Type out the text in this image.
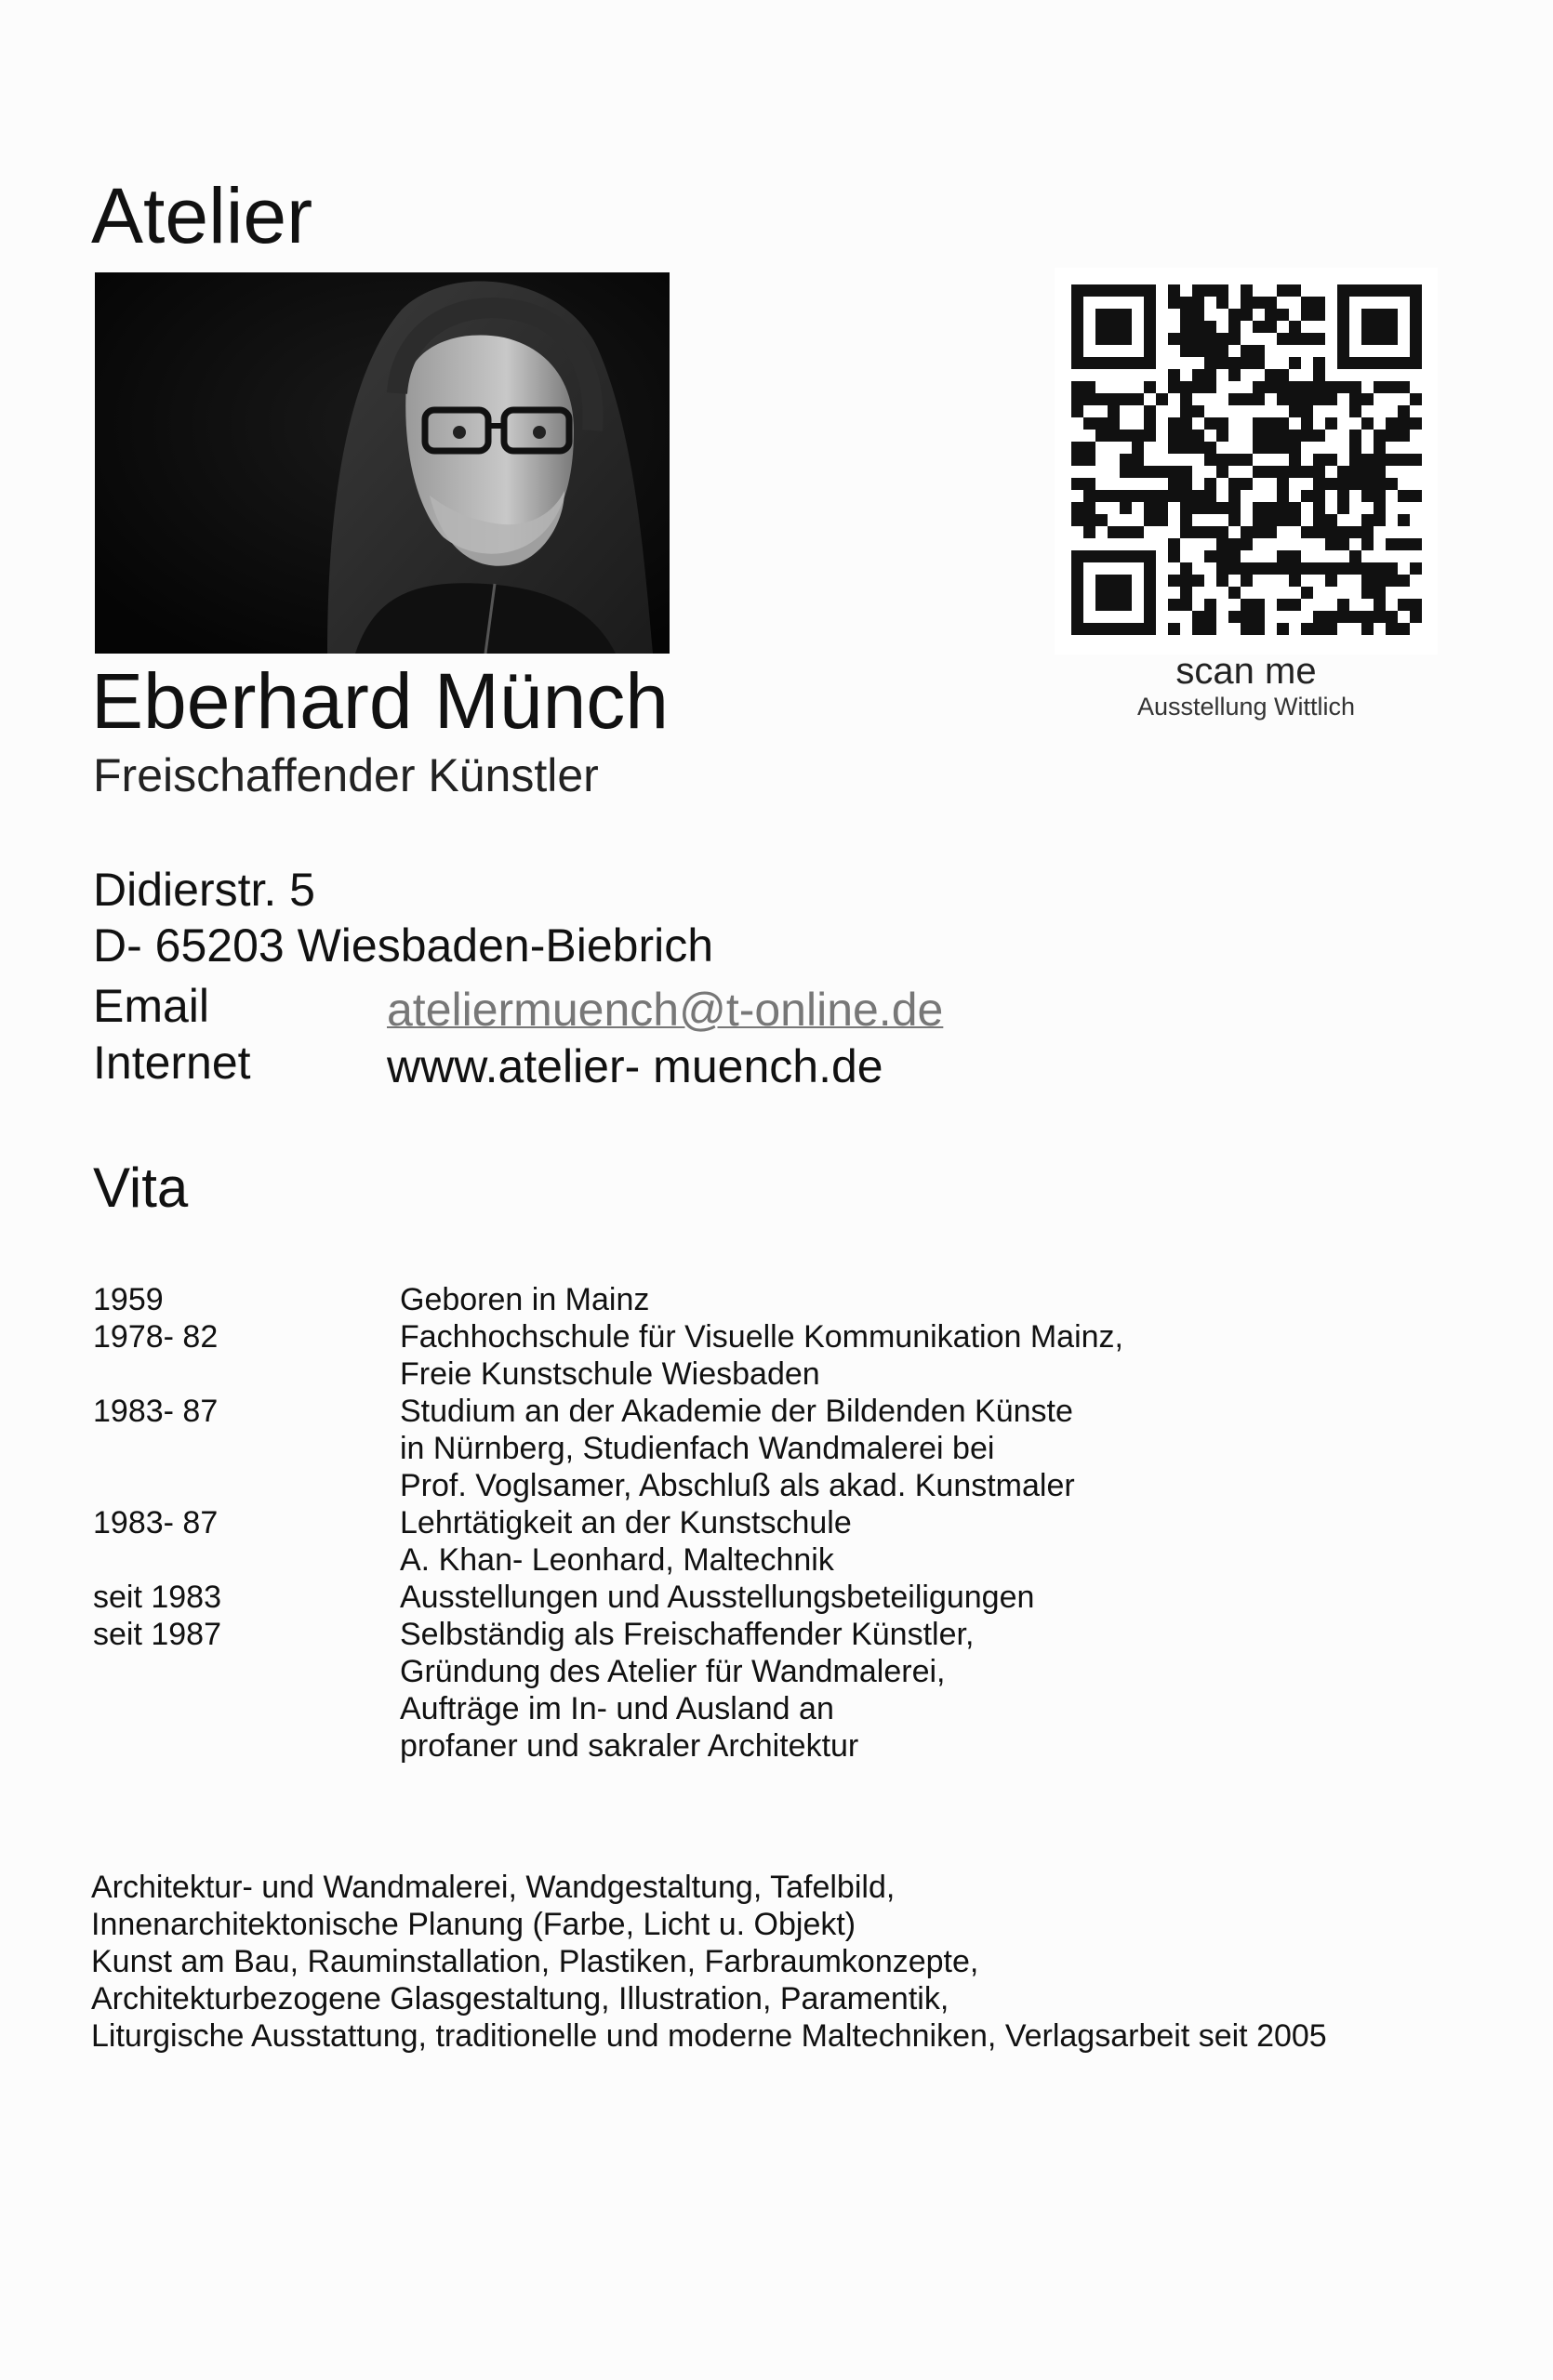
Atelier
scan me
Ausstellung Wittlich
Eberhard Münch
Freischaffender Künstler
Didierstr. 5
D- 65203 Wiesbaden-Biebrich
Email	ateliermuench@t-online.de
Internet	www.atelier- muench.de
Vita
1959	Geboren in Mainz
1978- 82	Fachhochschule für Visuelle Kommunikation Mainz,
Freie Kunstschule Wiesbaden
1983- 87	Studium an der Akademie der Bildenden Künste
in Nürnberg, Studienfach Wandmalerei bei
Prof. Voglsamer, Abschluß als akad. Kunstmaler
1983- 87	Lehrtätigkeit an der Kunstschule
A. Khan- Leonhard, Maltechnik
seit 1983	Ausstellungen und Ausstellungsbeteiligungen
seit 1987	Selbständig als Freischaffender Künstler,
Gründung des Atelier für Wandmalerei,
Aufträge im In- und Ausland an
profaner und sakraler Architektur
Architektur- und Wandmalerei, Wandgestaltung, Tafelbild,
Innenarchitektonische Planung (Farbe, Licht u. Objekt)
Kunst am Bau, Rauminstallation, Plastiken, Farbraumkonzepte,
Architekturbezogene Glasgestaltung, Illustration, Paramentik,
Liturgische Ausstattung, traditionelle und moderne Maltechniken, Verlagsarbeit seit 2005
